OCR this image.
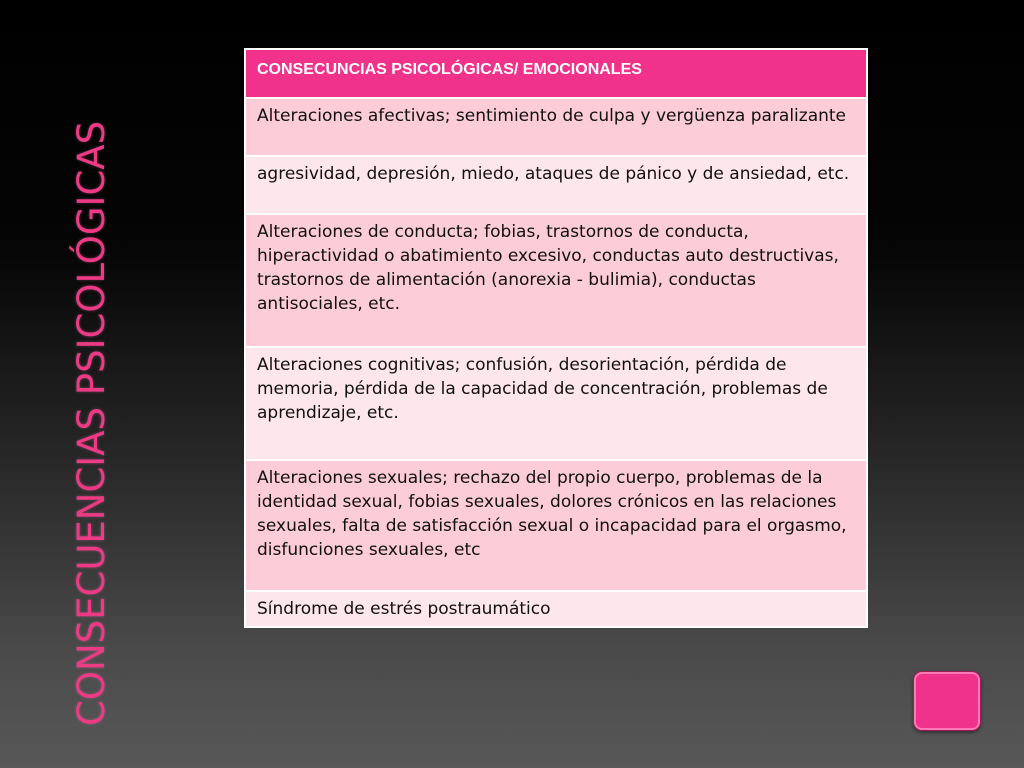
CONSECUENCIAS PSICOLÓGICAS
CONSECUNCIAS PSICOLÓGICAS/ EMOCIONALES
Alteraciones afectivas; sentimiento de culpa y vergüenza paralizante
agresividad, depresión, miedo, ataques de pánico y de ansiedad, etc.
Alteraciones de conducta; fobias, trastornos de conducta, hiperactividad o abatimiento excesivo, conductas auto destructivas, trastornos de alimentación (anorexia - bulimia), conductas antisociales, etc.
Alteraciones cognitivas; confusión, desorientación, pérdida de memoria, pérdida de la capacidad de concentración, problemas de aprendizaje, etc.
Alteraciones sexuales; rechazo del propio cuerpo, problemas de la identidad sexual, fobias sexuales, dolores crónicos en las relaciones sexuales, falta de satisfacción sexual o incapacidad para el orgasmo, disfunciones sexuales, etc
Síndrome de estrés postraumático
